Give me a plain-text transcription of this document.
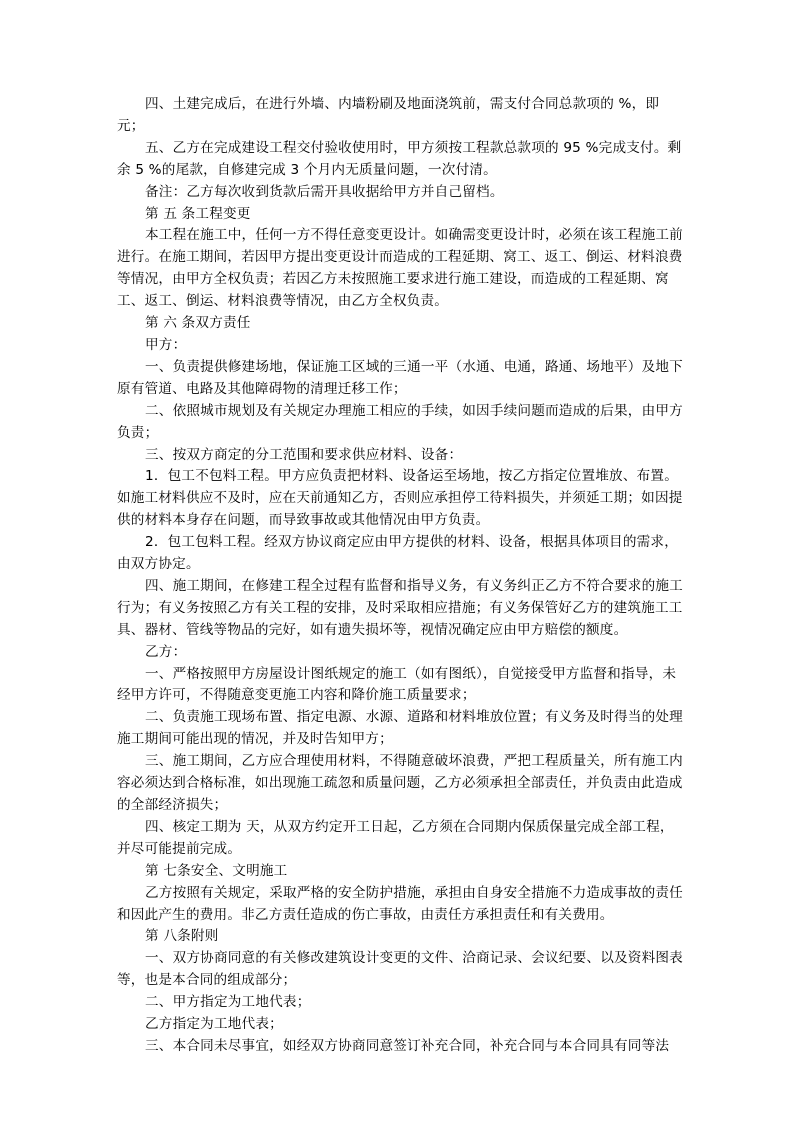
四、土建完成后，在进行外墙、内墙粉刷及地面浇筑前，需支付合同总款项的 %，即 元；

五、乙方在完成建设工程交付验收使用时，甲方须按工程款总款项的 95 %完成支付。剩余 5 %的尾款，自修建完成 3 个月内无质量问题，一次付清。

备注：乙方每次收到货款后需开具收据给甲方并自己留档。

第 五 条工程变更

本工程在施工中，任何一方不得任意变更设计。如确需变更设计时，必须在该工程施工前进行。在施工期间，若因甲方提出变更设计而造成的工程延期、窝工、返工、倒运、材料浪费等情况，由甲方全权负责；若因乙方未按照施工要求进行施工建设，而造成的工程延期、窝工、返工、倒运、材料浪费等情况，由乙方全权负责。

第 六 条双方责任

甲方：

一、负责提供修建场地，保证施工区域的三通一平（水通、电通，路通、场地平）及地下原有管道、电路及其他障碍物的清理迁移工作；

二、依照城市规划及有关规定办理施工相应的手续，如因手续问题而造成的后果，由甲方负责；

三、按双方商定的分工范围和要求供应材料、设备：

1．包工不包料工程。甲方应负责把材料、设备运至场地，按乙方指定位置堆放、布置。如施工材料供应不及时，应在天前通知乙方，否则应承担停工待料损失，并须延工期；如因提供的材料本身存在问题，而导致事故或其他情况由甲方负责。

2．包工包料工程。经双方协议商定应由甲方提供的材料、设备，根据具体项目的需求，由双方协定。

四、施工期间，在修建工程全过程有监督和指导义务，有义务纠正乙方不符合要求的施工行为；有义务按照乙方有关工程的安排，及时采取相应措施；有义务保管好乙方的建筑施工工具、器材、管线等物品的完好，如有遗失损坏等，视情况确定应由甲方赔偿的额度。

乙方：

一、严格按照甲方房屋设计图纸规定的施工（如有图纸），自觉接受甲方监督和指导，未经甲方许可，不得随意变更施工内容和降价施工质量要求；

二、负责施工现场布置、指定电源、水源、道路和材料堆放位置；有义务及时得当的处理施工期间可能出现的情况，并及时告知甲方；

三、施工期间，乙方应合理使用材料，不得随意破坏浪费，严把工程质量关，所有施工内容必须达到合格标准，如出现施工疏忽和质量问题，乙方必须承担全部责任，并负责由此造成的全部经济损失；

四、核定工期为 天，从双方约定开工日起，乙方须在合同期内保质保量完成全部工程，并尽可能提前完成。

第 七条安全、文明施工

乙方按照有关规定，采取严格的安全防护措施，承担由自身安全措施不力造成事故的责任和因此产生的费用。非乙方责任造成的伤亡事故，由责任方承担责任和有关费用。

第 八条附则

一、双方协商同意的有关修改建筑设计变更的文件、洽商记录、会议纪要、以及资料图表等，也是本合同的组成部分；

二、甲方指定为工地代表；

乙方指定为工地代表；

三、本合同未尽事宜，如经双方协商同意签订补充合同，补充合同与本合同具有同等法
